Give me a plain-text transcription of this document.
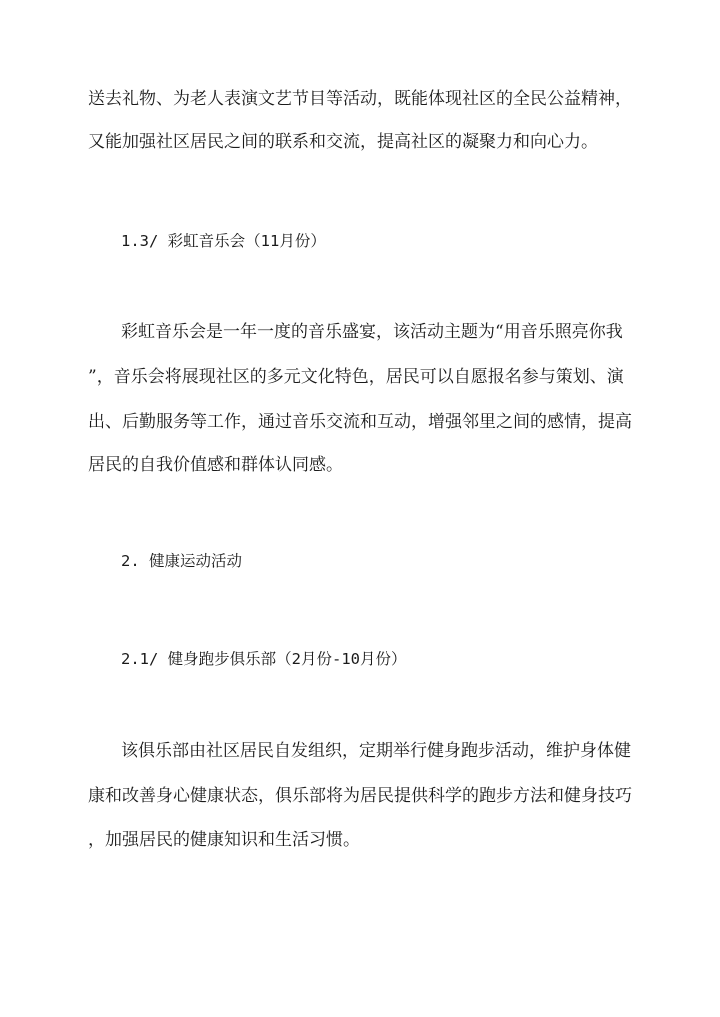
送去礼物、为老人表演文艺节目等活动，既能体现社区的全民公益精神，
又能加强社区居民之间的联系和交流，提高社区的凝聚力和向心力。
1.3/ 彩虹音乐会（11月份）
彩虹音乐会是一年一度的音乐盛宴，该活动主题为“用音乐照亮你我
”，音乐会将展现社区的多元文化特色，居民可以自愿报名参与策划、演
出、后勤服务等工作，通过音乐交流和互动，增强邻里之间的感情，提高
居民的自我价值感和群体认同感。
2. 健康运动活动
2.1/ 健身跑步俱乐部（2月份-10月份）
该俱乐部由社区居民自发组织，定期举行健身跑步活动，维护身体健
康和改善身心健康状态，俱乐部将为居民提供科学的跑步方法和健身技巧
，加强居民的健康知识和生活习惯。
